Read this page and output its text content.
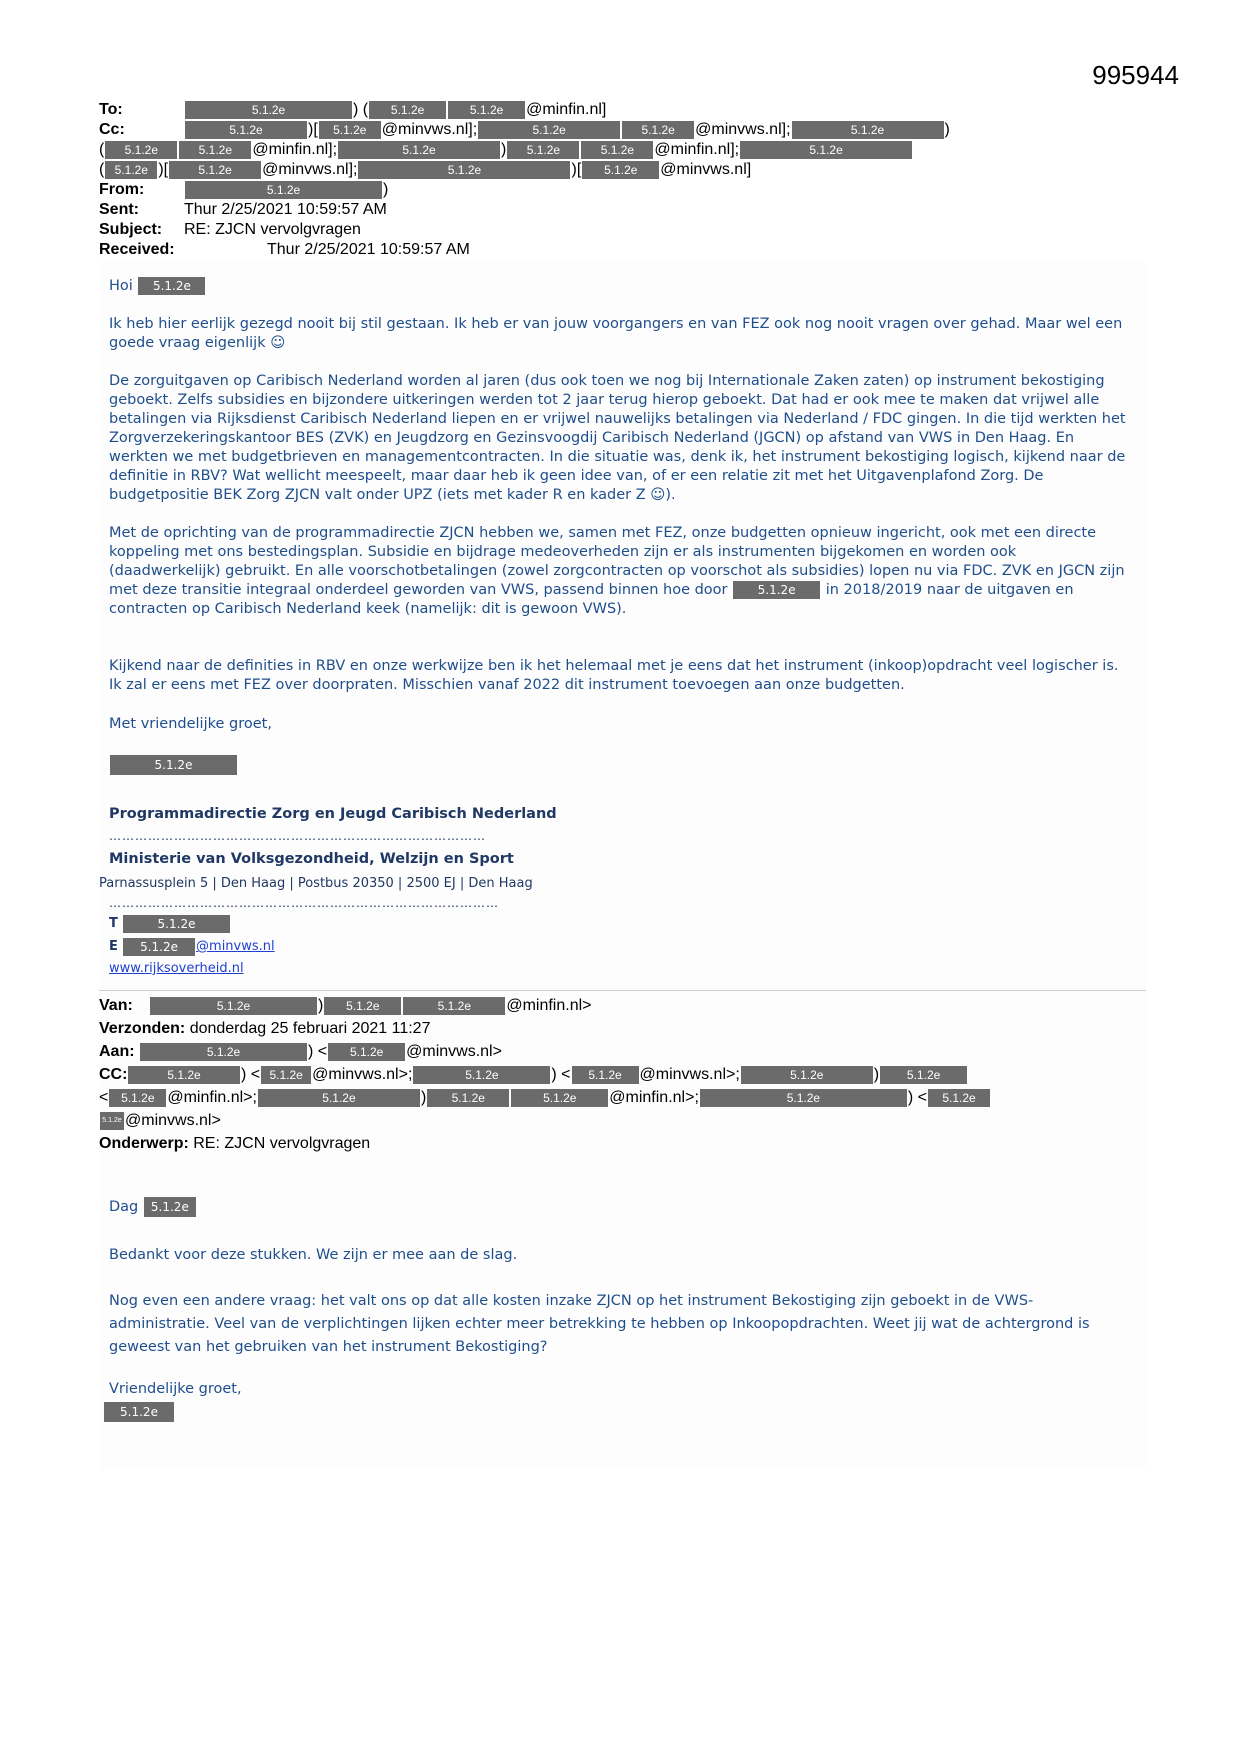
995944
To:	5.1.2e	) (	5.1.2e	5.1.2e	@minfin.nl]
Cc:	5.1.2e	)[	5.1.2e @minvws.nl];	5.1.2e	5.1.2e	@minvws.nl];	5.1.2e	)
(	5.1.2e	5.1.2e	@minfin.nl];	5.1.2e	)	5.1.2e	5.1.2e	@minfin.nl];	5.1.2e
( 5.1.2e )[	5.1.2e	@minvws.nl];	5.1.2e	)[	5.1.2e	@minvws.nl]
From:	5.1.2e	)
Sent:	Thur 2/25/2021 10:59:57 AM
Subject:	RE: ZJCN vervolgvragen
Received:	Thur 2/25/2021 10:59:57 AM
Hoi 5.1.2e
Ik heb hier eerlijk gezegd nooit bij stil gestaan. Ik heb er van jouw voorgangers en van FEZ ook nog nooit vragen over gehad. Maar wel een goede vraag eigenlijk ☺
De zorguitgaven op Caribisch Nederland worden al jaren (dus ook toen we nog bij Internationale Zaken zaten) op instrument bekostiging geboekt. Zelfs subsidies en bijzondere uitkeringen werden tot 2 jaar terug hierop geboekt. Dat had er ook mee te maken dat vrijwel alle betalingen via Rijksdienst Caribisch Nederland liepen en er vrijwel nauwelijks betalingen via Nederland / FDC gingen. In die tijd werkten het Zorgverzekeringskantoor BES (ZVK) en Jeugdzorg en Gezinsvoogdij Caribisch Nederland (JGCN) op afstand van VWS in Den Haag. En werkten we met budgetbrieven en managementcontracten. In die situatie was, denk ik, het instrument bekostiging logisch, kijkend naar de definitie in RBV? Wat wellicht meespeelt, maar daar heb ik geen idee van, of er een relatie zit met het Uitgavenplafond Zorg. De budgetpositie BEK Zorg ZJCN valt onder UPZ (iets met kader R en kader Z ☺).
Met de oprichting van de programmadirectie ZJCN hebben we, samen met FEZ, onze budgetten opnieuw ingericht, ook met een directe koppeling met ons bestedingsplan. Subsidie en bijdrage medeoverheden zijn er als instrumenten bijgekomen en worden ook (daadwerkelijk) gebruikt. En alle voorschotbetalingen (zowel zorgcontracten op voorschot als subsidies) lopen nu via FDC. ZVK en JGCN zijn met deze transitie integraal onderdeel geworden van VWS, passend binnen hoe door	5.1.2e in 2018/2019 naar de uitgaven en contracten op Caribisch Nederland keek (namelijk: dit is gewoon VWS).
Kijkend naar de definities in RBV en onze werkwijze ben ik het helemaal met je eens dat het instrument (inkoop)opdracht veel logischer is. Ik zal er eens met FEZ over doorpraten. Misschien vanaf 2022 dit instrument toevoegen aan onze budgetten.
Met vriendelijke groet,
5.1.2e
Programmadirectie Zorg en Jeugd Caribisch Nederland
……………………………………………………………………………
Ministerie van Volksgezondheid, Welzijn en Sport
Parnassusplein 5 | Den Haag | Postbus 20350 | 2500 EJ | Den Haag
………………………………………………………………………………
T	5.1.2e
E 5.1.2e @minvws.nl
www.rijksoverheid.nl
Van:	5.1.2e	)	5.1.2e	5.1.2e	@minfin.nl>
Verzonden:
donderdag 25 februari 2021 11:27
Aan:	5.1.2e	) <	5.1.2e	@minvws.nl>
CC:	5.1.2e	) < 5.1.2e @minvws.nl>;	5.1.2e	) <	5.1.2e	@minvws.nl>;	5.1.2e	)	5.1.2e
<	5.1.2e @minfin.nl>;	5.1.2e	)	5.1.2e	5.1.2e	@minfin.nl>;	5.1.2e	) <	5.1.2e
5.1.2e @minvws.nl>
Onderwerp:
RE: ZJCN vervolgvragen
Dag 5.1.2e
Bedankt voor deze stukken. We zijn er mee aan de slag.
Nog even een andere vraag: het valt ons op dat alle kosten inzake ZJCN op het instrument Bekostiging zijn geboekt in de VWS-administratie. Veel van de verplichtingen lijken echter meer betrekking te hebben op Inkoopopdrachten. Weet jij wat de achtergrond is geweest van het gebruiken van het instrument Bekostiging?
Vriendelijke groet,
5.1.2e
